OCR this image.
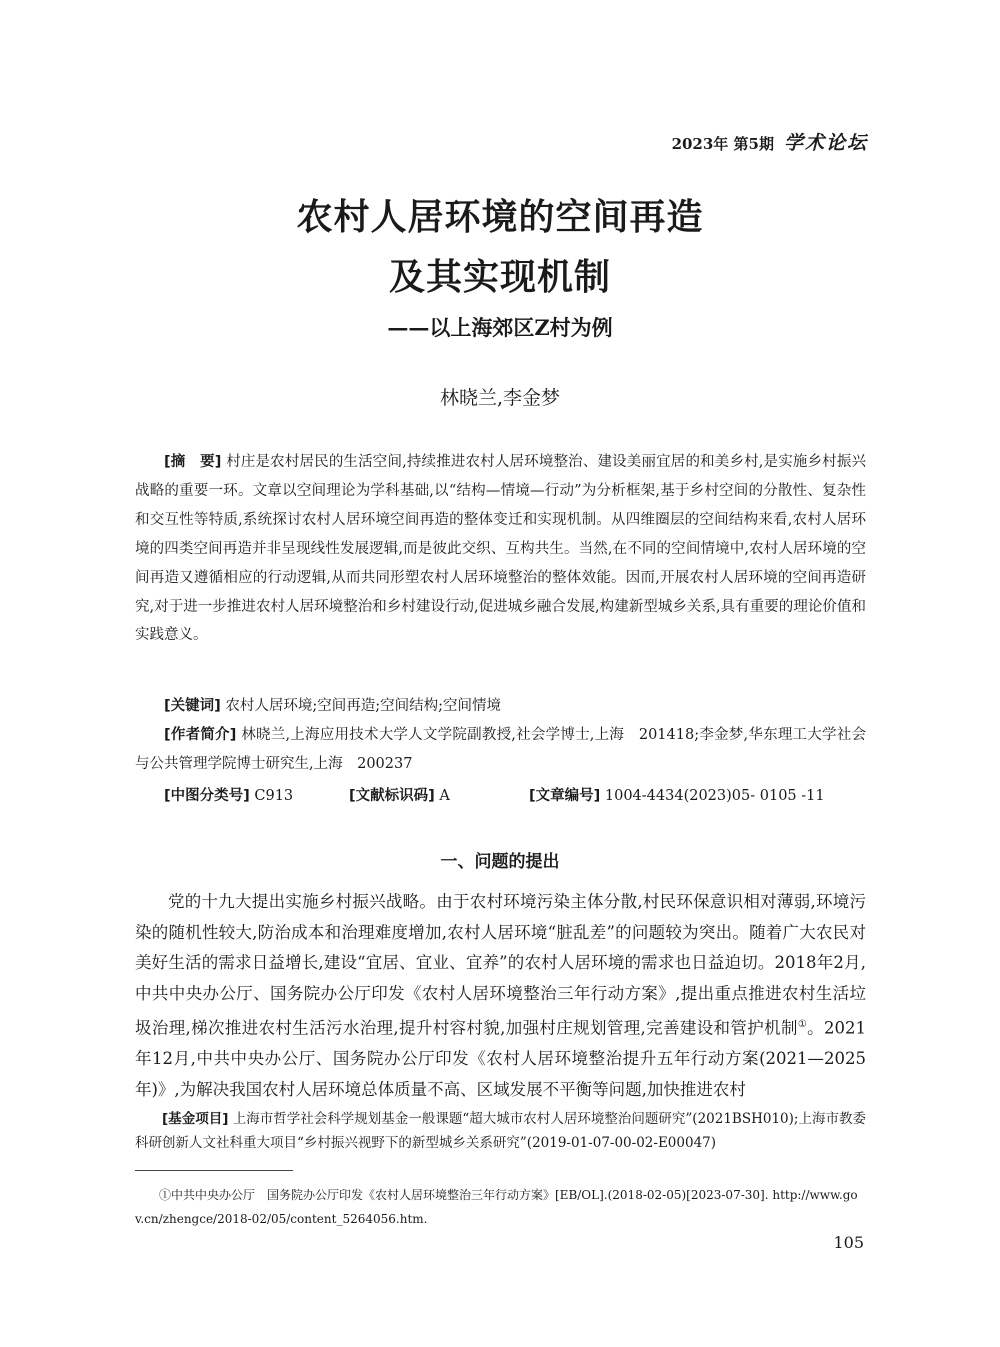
2023年 第5期 学术论坛
农村人居环境的空间再造
及其实现机制
——以上海郊区Z村为例
林晓兰,李金梦

[摘　要] 村庄是农村居民的生活空间,持续推进农村人居环境整治、建设美丽宜居的和美乡村,是实施乡村振兴战略的重要一环。文章以空间理论为学科基础,以“结构—情境—行动”为分析框架,基于乡村空间的分散性、复杂性和交互性等特质,系统探讨农村人居环境空间再造的整体变迁和实现机制。从四维圈层的空间结构来看,农村人居环境的四类空间再造并非呈现线性发展逻辑,而是彼此交织、互构共生。当然,在不同的空间情境中,农村人居环境的空间再造又遵循相应的行动逻辑,从而共同形塑农村人居环境整治的整体效能。因而,开展农村人居环境的空间再造研究,对于进一步推进农村人居环境整治和乡村建设行动,促进城乡融合发展,构建新型城乡关系,具有重要的理论价值和实践意义。

[关键词] 农村人居环境;空间再造;空间结构;空间情境
[作者简介] 林晓兰,上海应用技术大学人文学院副教授,社会学博士,上海　201418;李金梦,华东理工大学社会与公共管理学院博士研究生,上海　200237
[中图分类号] C913	[文献标识码] A	[文章编号] 1004-4434(2023)05- 0105 -11
一、问题的提出

党的十九大提出实施乡村振兴战略。由于农村环境污染主体分散,村民环保意识相对薄弱,环境污染的随机性较大,防治成本和治理难度增加,农村人居环境“脏乱差”的问题较为突出。随着广大农民对美好生活的需求日益增长,建设“宜居、宜业、宜养”的农村人居环境的需求也日益迫切。2018年2月,中共中央办公厅、国务院办公厅印发《农村人居环境整治三年行动方案》,提出重点推进农村生活垃圾治理,梯次推进农村生活污水治理,提升村容村貌,加强村庄规划管理,完善建设和管护机制①。2021年12月,中共中央办公厅、国务院办公厅印发《农村人居环境整治提升五年行动方案(2021—2025年)》,为解决我国农村人居环境总体质量不高、区域发展不平衡等问题,加快推进农村

[基金项目] 上海市哲学社会科学规划基金一般课题“超大城市农村人居环境整治问题研究”(2021BSH010);上海市教委科研创新人文社科重大项目“乡村振兴视野下的新型城乡关系研究”(2019-01-07-00-02-E00047)
①中共中央办公厅　国务院办公厅印发《农村人居环境整治三年行动方案》[EB/OL].(2018-02-05)[2023-07-30]. http://www.gov.cn/zhengce/2018-02/05/content_5264056.htm.
105
